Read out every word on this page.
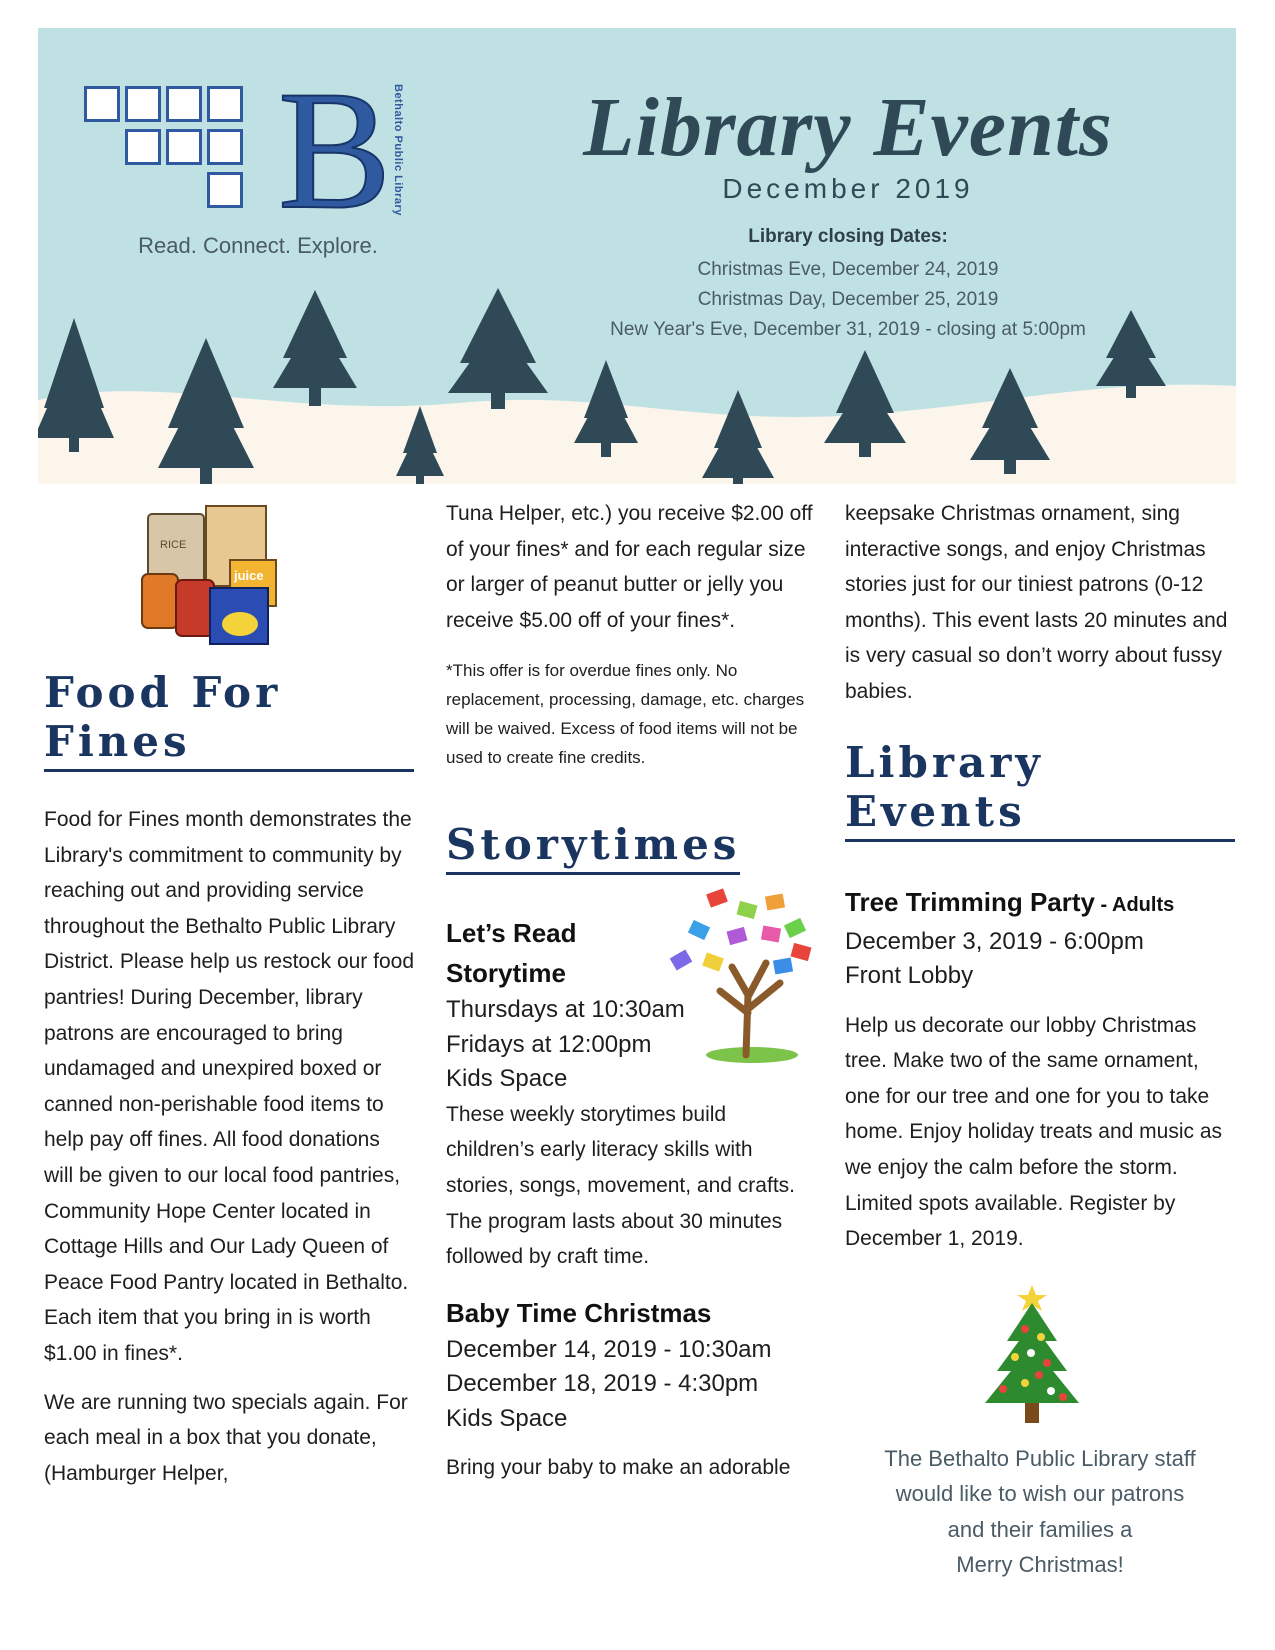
B Bethalto Public Library
Read. Connect. Explore.
Library Events
December 2019
Library closing Dates:
Christmas Eve, December 24, 2019
Christmas Day, December 25, 2019
New Year's Eve, December 31, 2019 - closing at 5:00pm
RICE
juice
Food For Fines

Food for Fines month demonstrates the Library's commitment to community by reaching out and providing service throughout the Bethalto Public Library District. Please help us restock our food pantries! During December, library patrons are encouraged to bring undamaged and unexpired boxed or canned non-perishable food items to help pay off fines. All food donations will be given to our local food pantries, Community Hope Center located in Cottage Hills and Our Lady Queen of Peace Food Pantry located in Bethalto. Each item that you bring in is worth $1.00 in fines*.

We are running two specials again. For each meal in a box that you donate, (Hamburger Helper,

Tuna Helper, etc.) you receive $2.00 off of your fines* and for each regular size or larger of peanut butter or jelly you receive $5.00 off of your fines*.

*This offer is for overdue fines only. No replacement, processing, damage, etc. charges will be waived. Excess of food items will not be used to create fine credits.

Storytimes
Let’s Read
Storytime
Thursdays at 10:30am
Fridays at 12:00pm
Kids Space

These weekly storytimes build children’s early literacy skills with stories, songs, movement, and crafts. The program lasts about 30 minutes followed by craft time.

Baby Time Christmas
December 14, 2019 - 10:30am
December 18, 2019 - 4:30pm
Kids Space

Bring your baby to make an adorable

keepsake Christmas ornament, sing interactive songs, and enjoy Christmas stories just for our tiniest patrons (0-12 months). This event lasts 20 minutes and is very casual so don’t worry about fussy babies.

Library Events
Tree Trimming Party - Adults
December 3, 2019 - 6:00pm
Front Lobby

Help us decorate our lobby Christmas tree. Make two of the same ornament, one for our tree and one for you to take home. Enjoy holiday treats and music as we enjoy the calm before the storm. Limited spots available. Register by December 1, 2019.

The Bethalto Public Library staff

would like to wish our patrons

and their families a

Merry Christmas!
